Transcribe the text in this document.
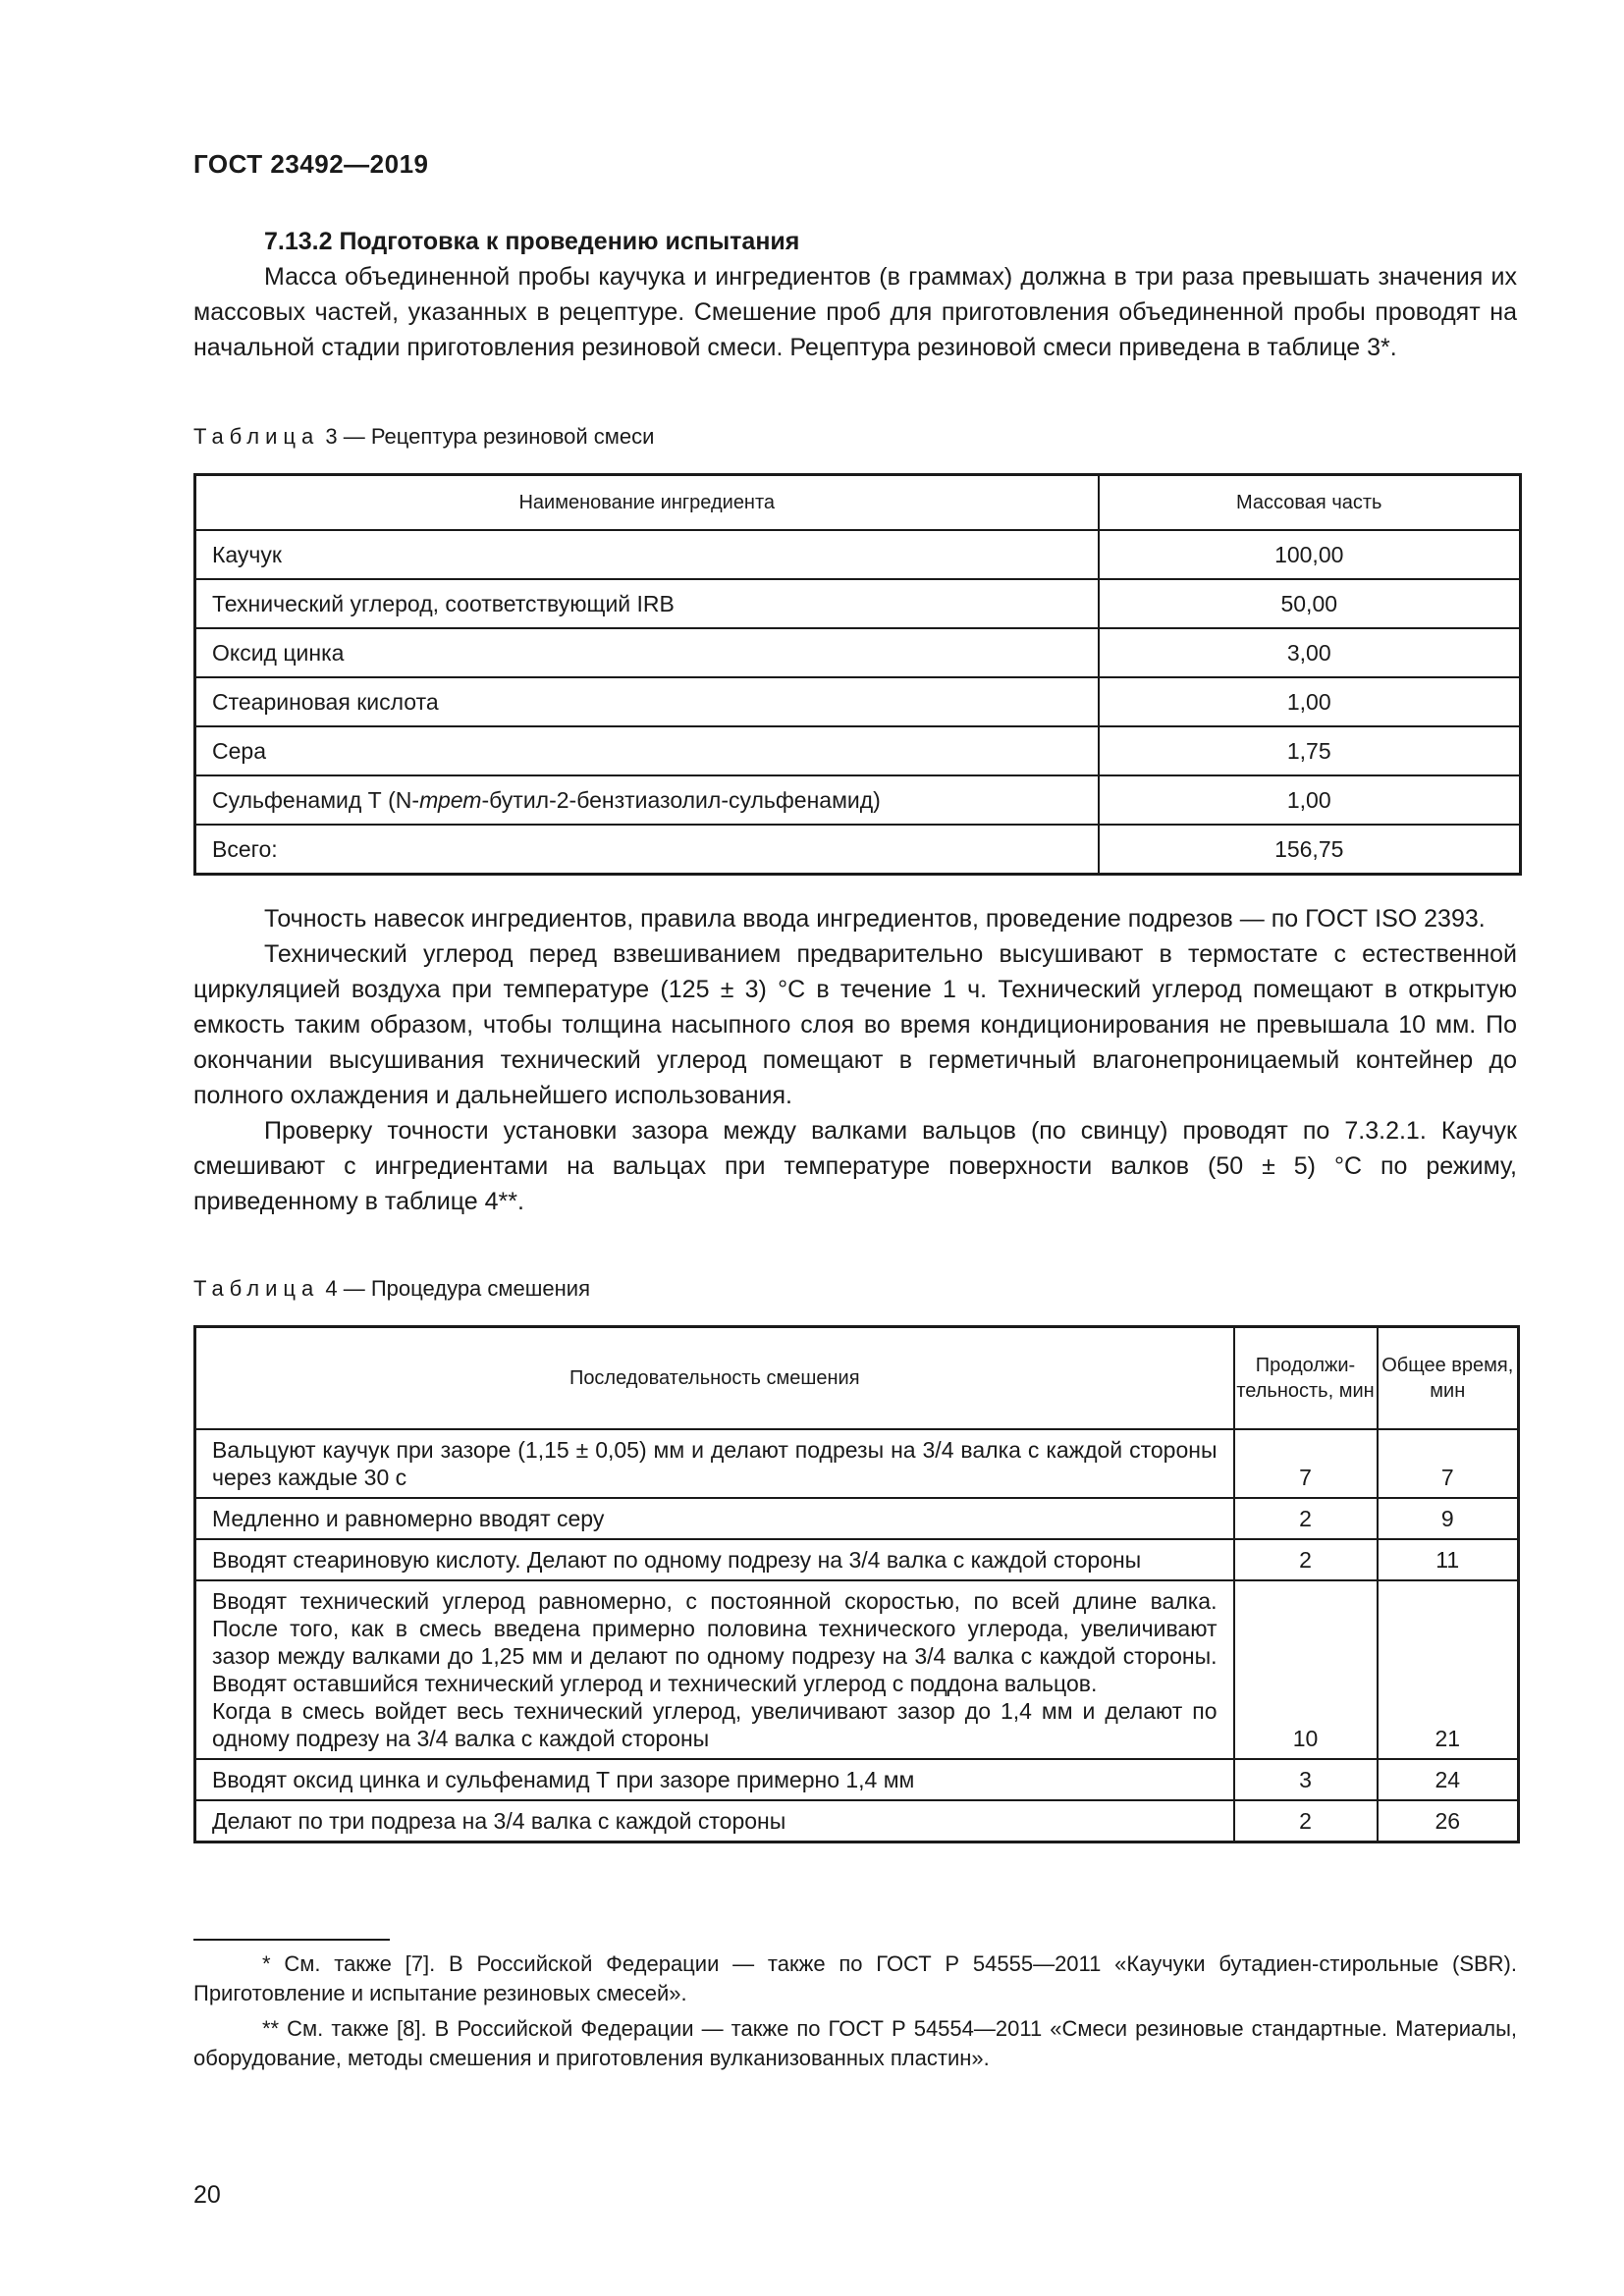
ГОСТ 23492—2019

7.13.2 Подготовка к проведению испытания

Масса объединенной пробы каучука и ингредиентов (в граммах) должна в три раза превышать значения их массовых частей, указанных в рецептуре. Смешение проб для приготовления объединенной пробы проводят на начальной стадии приготовления резиновой смеси. Рецептура резиновой смеси приведена в таблице 3*.

Таблица 3 — Рецептура резиновой смеси
Наименование ингредиента	Массовая часть
Каучук	100,00
Технический углерод, соответствующий IRB	50,00
Оксид цинка	3,00
Стеариновая кислота	1,00
Сера	1,75
Сульфенамид Т (N-трет-бутил-2-бензтиазолил-сульфенамид)	1,00
Всего:	156,75

Точность навесок ингредиентов, правила ввода ингредиентов, проведение подрезов — по ГОСТ ISO 2393.

Технический углерод перед взвешиванием предварительно высушивают в термостате с естественной циркуляцией воздуха при температуре (125 ± 3) °С в течение 1 ч. Технический углерод помещают в открытую емкость таким образом, чтобы толщина насыпного слоя во время кондиционирования не превышала 10 мм. По окончании высушивания технический углерод помещают в герметичный влагонепроницаемый контейнер до полного охлаждения и дальнейшего использования.

Проверку точности установки зазора между валками вальцов (по свинцу) проводят по 7.3.2.1. Каучук смешивают с ингредиентами на вальцах при температуре поверхности валков (50 ± 5) °С по режиму, приведенному в таблице 4**.

Таблица 4 — Процедура смешения
Последовательность смешения	Продолжи-тельность, мин	Общее время, мин
Вальцуют каучук при зазоре (1,15 ± 0,05) мм и делают подрезы на 3/4 валка с каждой стороны через каждые 30 с	7	7
Медленно и равномерно вводят серу	2	9
Вводят стеариновую кислоту. Делают по одному подрезу на 3/4 валка с каждой стороны	2	11

Вводят технический углерод равномерно, с постоянной скоростью, по всей длине валка. После того, как в смесь введена примерно половина технического углерода, увеличивают зазор между валками до 1,25 мм и делают по одному подрезу на 3/4 валка с каждой стороны. Вводят оставшийся технический углерод и технический углерод с поддона вальцов.
Когда в смесь войдет весь технический углерод, увеличивают зазор до 1,4 мм и делают по одному подрезу на 3/4 валка с каждой стороны	10	21
Вводят оксид цинка и сульфенамид Т при зазоре примерно 1,4 мм	3	24
Делают по три подреза на 3/4 валка с каждой стороны	2	26

* См. также [7]. В Российской Федерации — также по ГОСТ Р 54555—2011 «Каучуки бутадиен-стирольные (SBR). Приготовление и испытание резиновых смесей».

** См. также [8]. В Российской Федерации — также по ГОСТ Р 54554—2011 «Смеси резиновые стандартные. Материалы, оборудование, методы смешения и приготовления вулканизованных пластин».

20
